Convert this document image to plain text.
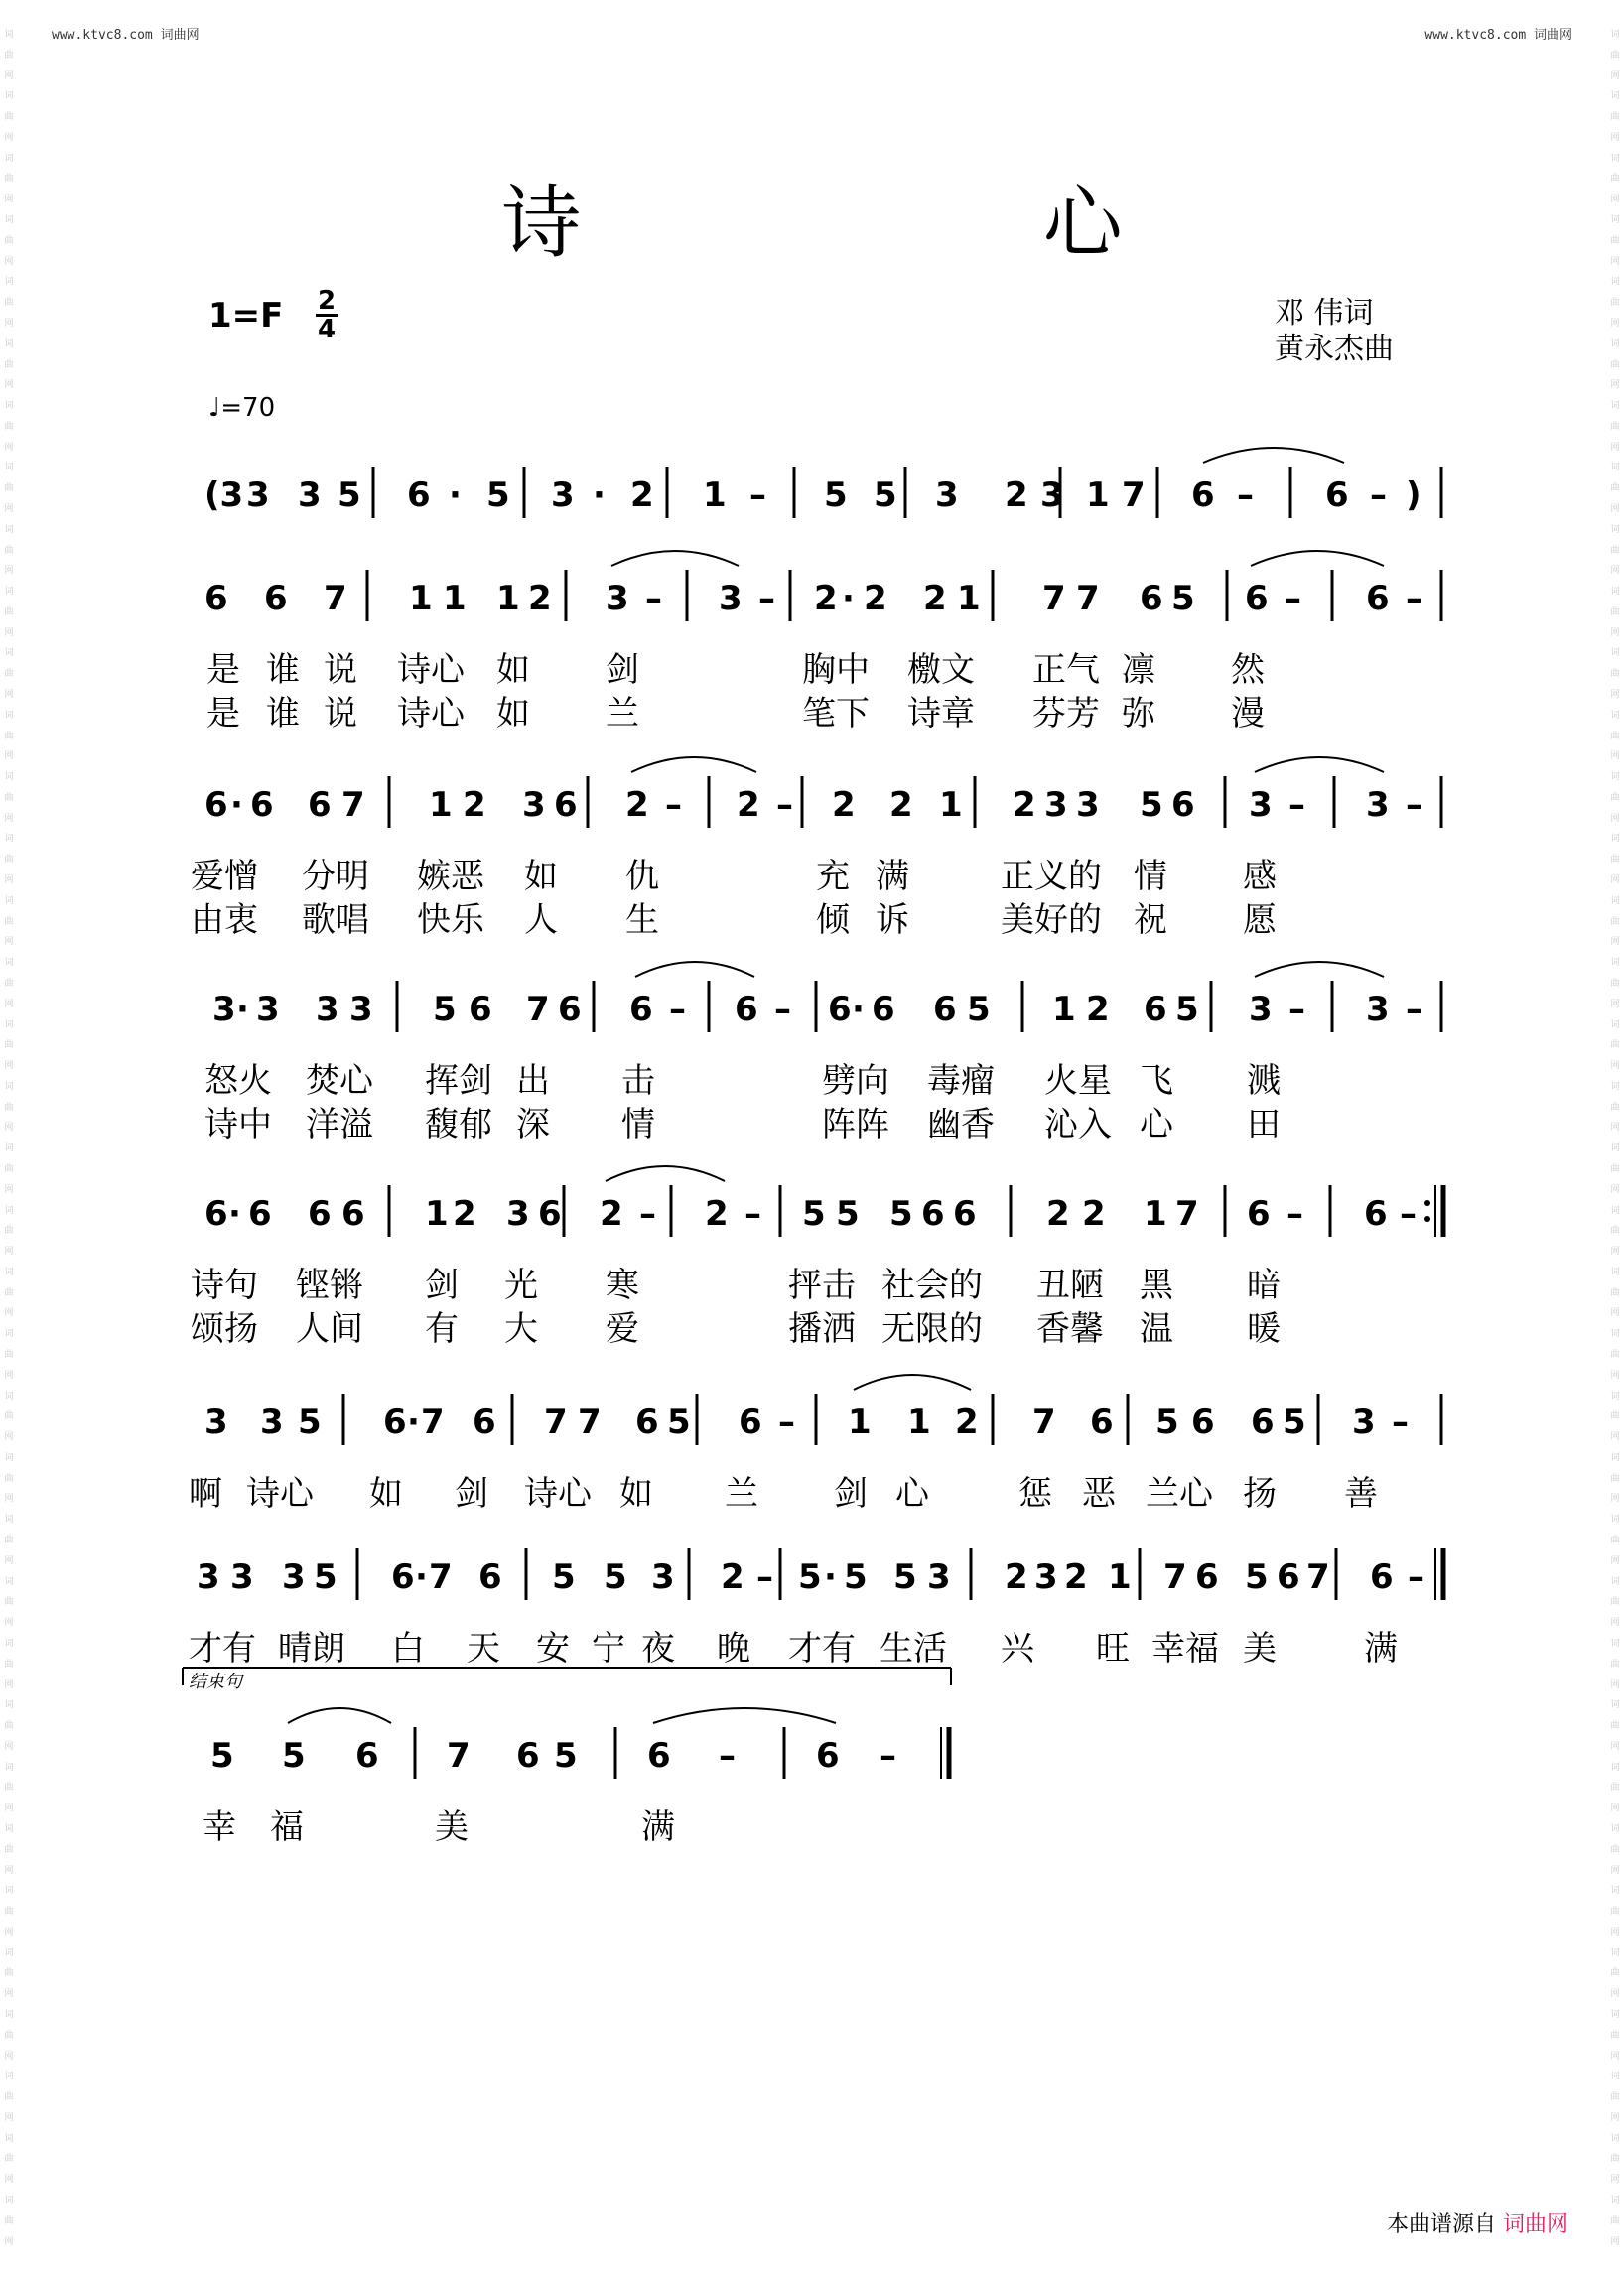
词
曲
网
词
曲
网
词
曲
网
词
曲
网
词
曲
网
词
曲
网
词
曲
网
词
曲
网
词
曲
网
词
曲
网
词
曲
网
词
曲
网
词
曲
网
词
曲
网
词
曲
网
词
曲
网
词
曲
网
词
曲
网
词
曲
网
词
曲
网
词
曲
网
词
曲
网
词
曲
网
词
曲
网
词
曲
网
词
曲
网
词
曲
网
词
曲
网
词
曲
网
词
曲
网
词
曲
网
词
曲
网
词
曲
网
词
曲
网
词
曲
网
词
曲
网
词
曲
网
词
曲
网
词
曲
网
词
曲
网
词
曲
网
词
曲
网
词
曲
网
词
曲
网
词
曲
网
词
曲
网
词
曲
网
词
曲
网
词
曲
网
词
曲
网
词
曲
网
词
曲
网
词
曲
网
词
曲
网
词
曲
网
词
曲
网
词
曲
网
词
曲
网
词
曲
网
词
曲
网
词
曲
网
词
曲
网
词
曲
网
词
曲
网
词
曲
网
词
曲
网
词
曲
网
词
曲
网
词
曲
网
词
曲
网
词
曲
网
词
曲
网
www.ktvc8.com 词曲网	www.ktvc8.com 词曲网
诗 心
$1=F \frac{2}{4}$
♩=70
邓 伟词
黄永杰曲
(3 3 3 5 6 · 5 3 · 2 1 – 5 5 3 2 3 1 7 6 – 6 – )
6 6 7 1 1 1 2 3 – 3 – 2 · 2 2 1 7 7 6 5 6 – 6 –
是 谁 说 诗心 如 剑	胸中 檄文 正气 凛 然
是 谁 说 诗心 如 兰	笔下 诗章 芬芳 弥 漫
6 · 6 6 7 1 2 3 6 2 – 2 – 2 2 1 2 3 3 5 6 3 – 3 –
爱憎 分明 嫉恶 如 仇	充 满	正义的 情 感
由衷 歌唱 快乐 人 生	倾 诉	美好的 祝 愿
3 · 3 3 3 5 6 7 6 6 – 6 – 6 · 6 6 5 1 2 6 5 3 – 3 –
怒火 焚心 挥剑 出 击	劈向 毒瘤 火星 飞 溅
诗中 洋溢 馥郁 深 情	阵阵 幽香 沁入 心 田
6 · 6 6 6 1 2 3 6 2 – 2 – 5 5 5 6 6 2 2 1 7 6 – 6 –
诗句 铿锵 剑 光 寒	抨击 社会的 丑陋 黑 暗
颂扬 人间 有 大 爱	播洒 无限的 香馨 温 暖
3 3 5 6 · 7 6 7 7 6 5 6 – 1 1 2 7 6 5 6 6 5 3 –
啊 诗心 如 剑 诗心 如 兰 剑 心	惩 恶 兰心 扬 善
3 3 3 5 6 · 7 6 5 5 3 2 – 5 · 5 5 3 2 3 2 1 7 6 5 6 7 6 –
才有 晴朗 白 天 安 宁 夜 晚 才有 生活 兴 旺 幸福 美	满
5 5 6 7 6 5 6 – 6 –
幸 福	美	满
结束句
本曲谱源自 词曲网
